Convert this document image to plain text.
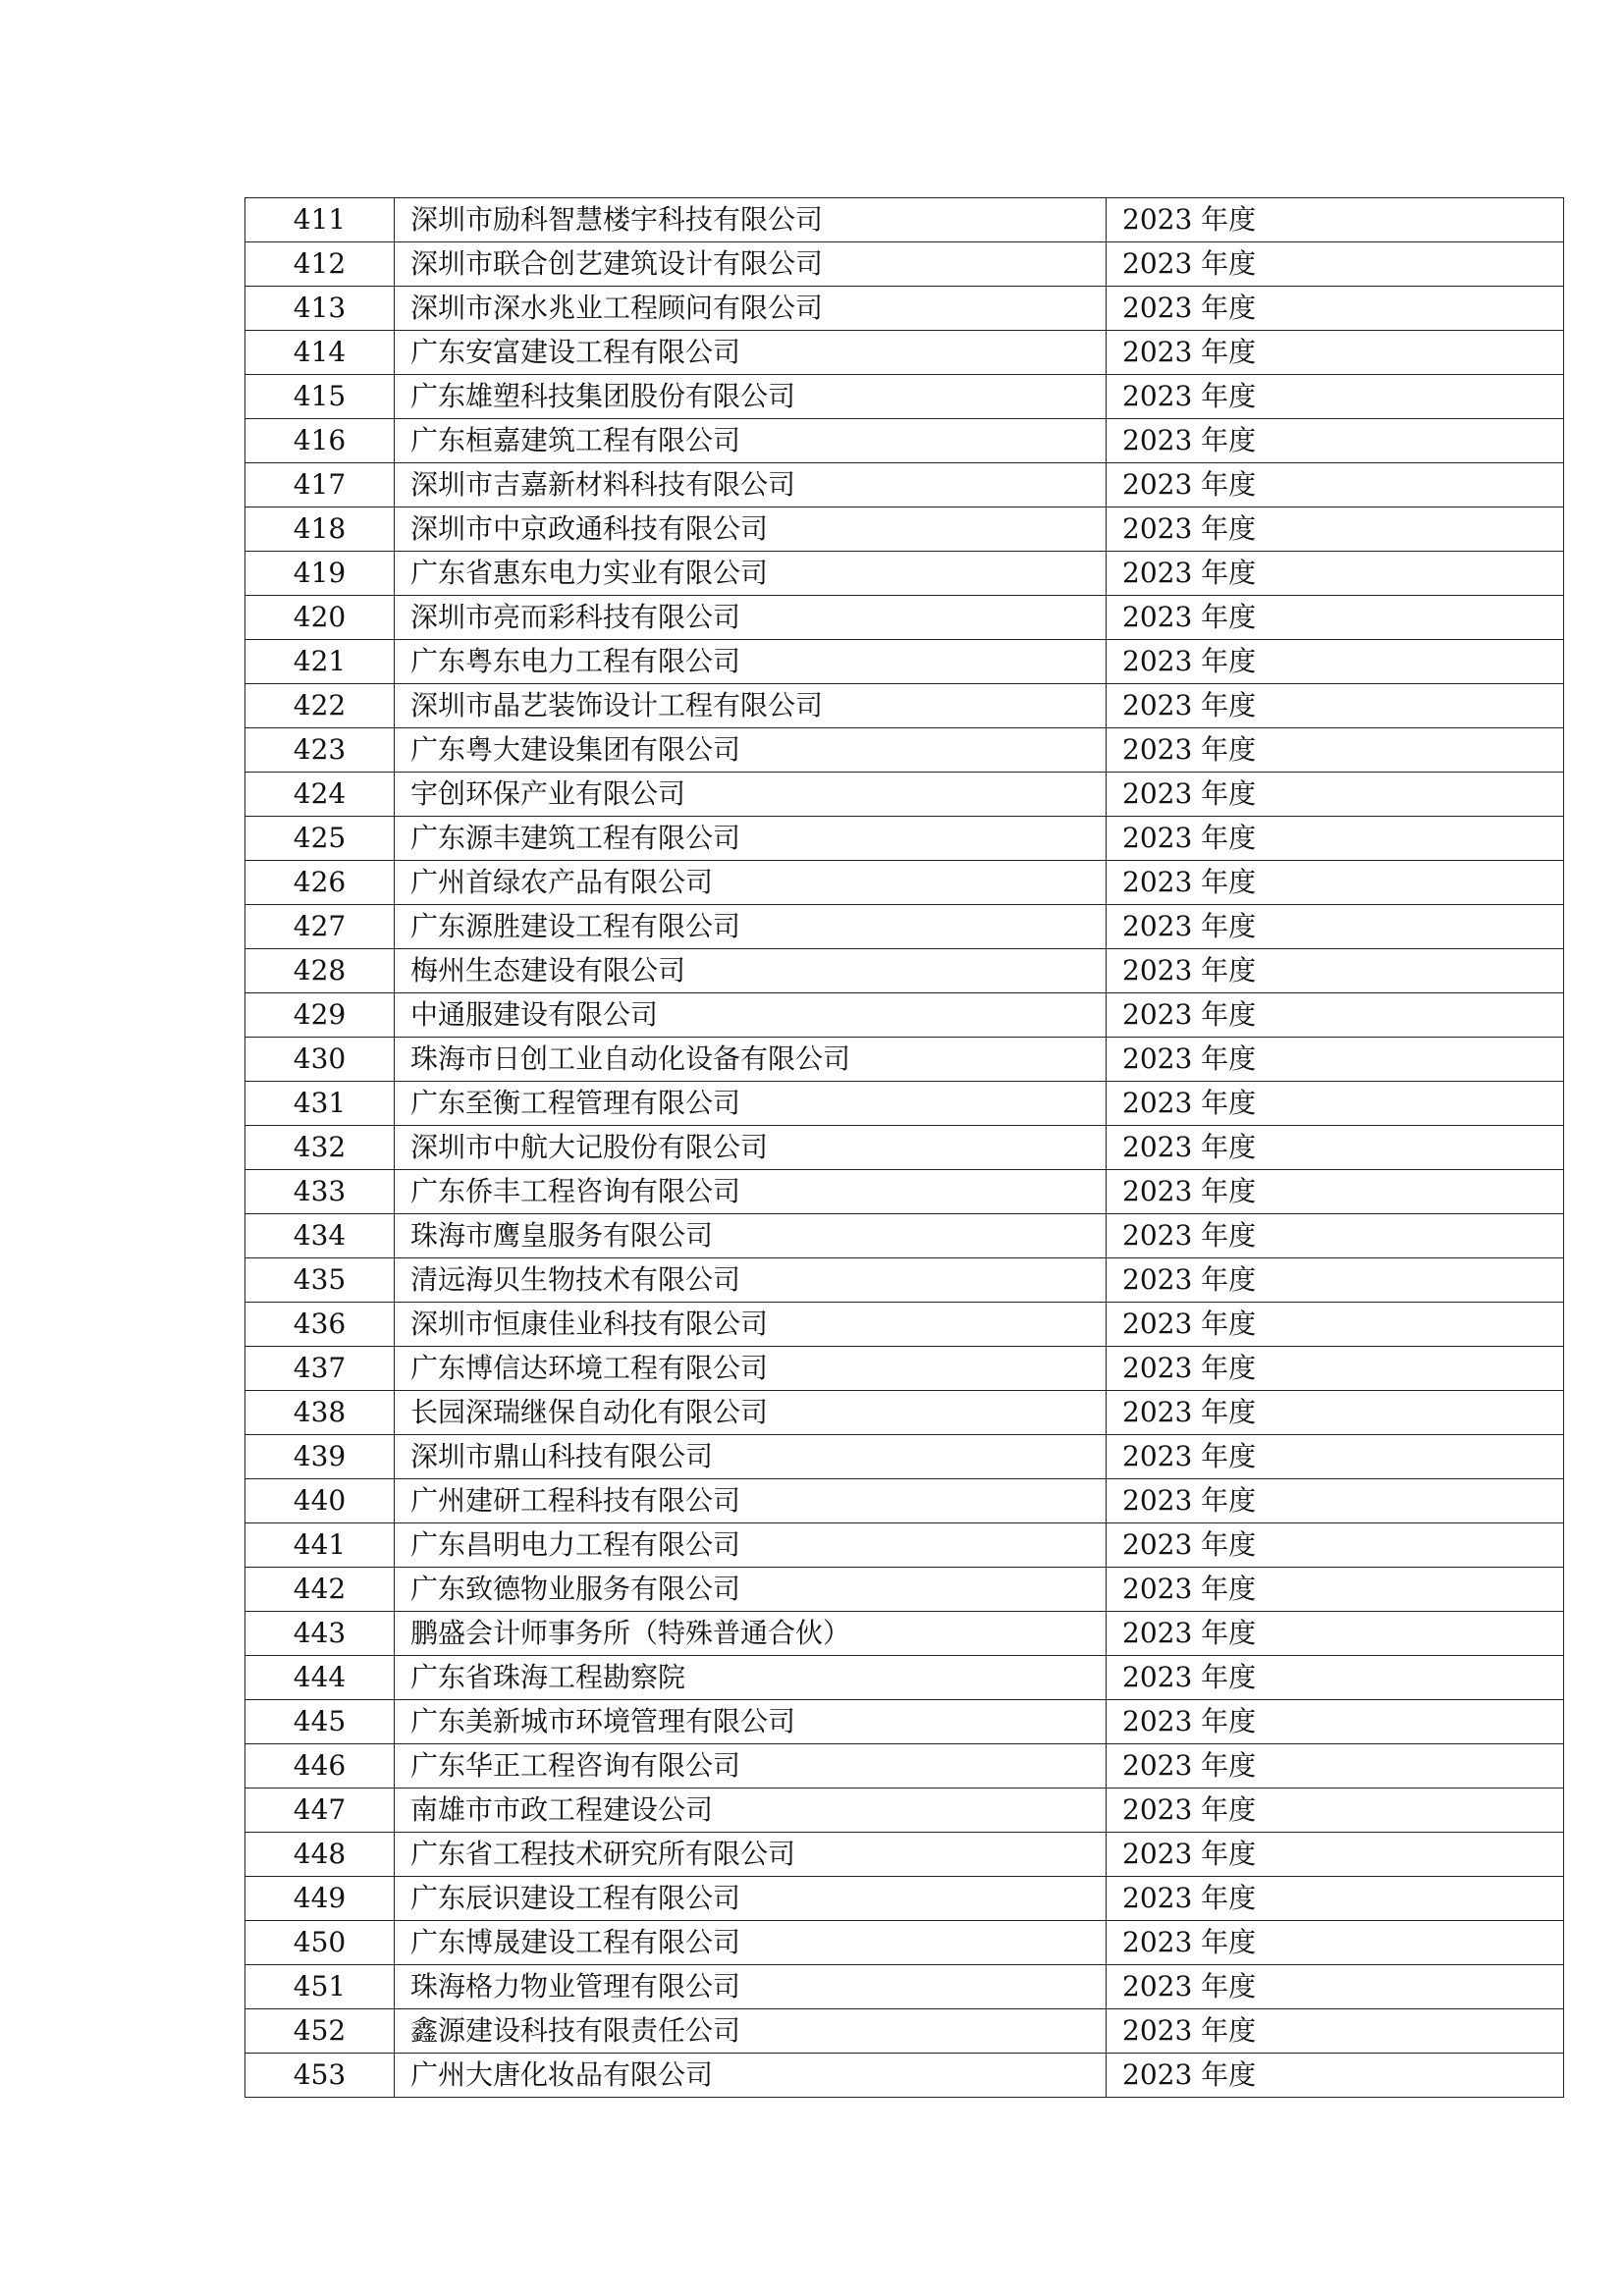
411	深圳市励科智慧楼宇科技有限公司	2023 年度
412	深圳市联合创艺建筑设计有限公司	2023 年度
413	深圳市深水兆业工程顾问有限公司	2023 年度
414	广东安富建设工程有限公司	2023 年度
415	广东雄塑科技集团股份有限公司	2023 年度
416	广东桓嘉建筑工程有限公司	2023 年度
417	深圳市吉嘉新材料科技有限公司	2023 年度
418	深圳市中京政通科技有限公司	2023 年度
419	广东省惠东电力实业有限公司	2023 年度
420	深圳市亮而彩科技有限公司	2023 年度
421	广东粤东电力工程有限公司	2023 年度
422	深圳市晶艺装饰设计工程有限公司	2023 年度
423	广东粤大建设集团有限公司	2023 年度
424	宇创环保产业有限公司	2023 年度
425	广东源丰建筑工程有限公司	2023 年度
426	广州首绿农产品有限公司	2023 年度
427	广东源胜建设工程有限公司	2023 年度
428	梅州生态建设有限公司	2023 年度
429	中通服建设有限公司	2023 年度
430	珠海市日创工业自动化设备有限公司	2023 年度
431	广东至衡工程管理有限公司	2023 年度
432	深圳市中航大记股份有限公司	2023 年度
433	广东侨丰工程咨询有限公司	2023 年度
434	珠海市鹰皇服务有限公司	2023 年度
435	清远海贝生物技术有限公司	2023 年度
436	深圳市恒康佳业科技有限公司	2023 年度
437	广东博信达环境工程有限公司	2023 年度
438	长园深瑞继保自动化有限公司	2023 年度
439	深圳市鼎山科技有限公司	2023 年度
440	广州建研工程科技有限公司	2023 年度
441	广东昌明电力工程有限公司	2023 年度
442	广东致德物业服务有限公司	2023 年度
443	鹏盛会计师事务所（特殊普通合伙）	2023 年度
444	广东省珠海工程勘察院	2023 年度
445	广东美新城市环境管理有限公司	2023 年度
446	广东华正工程咨询有限公司	2023 年度
447	南雄市市政工程建设公司	2023 年度
448	广东省工程技术研究所有限公司	2023 年度
449	广东辰识建设工程有限公司	2023 年度
450	广东博晟建设工程有限公司	2023 年度
451	珠海格力物业管理有限公司	2023 年度
452	鑫源建设科技有限责任公司	2023 年度
453	广州大唐化妆品有限公司	2023 年度
